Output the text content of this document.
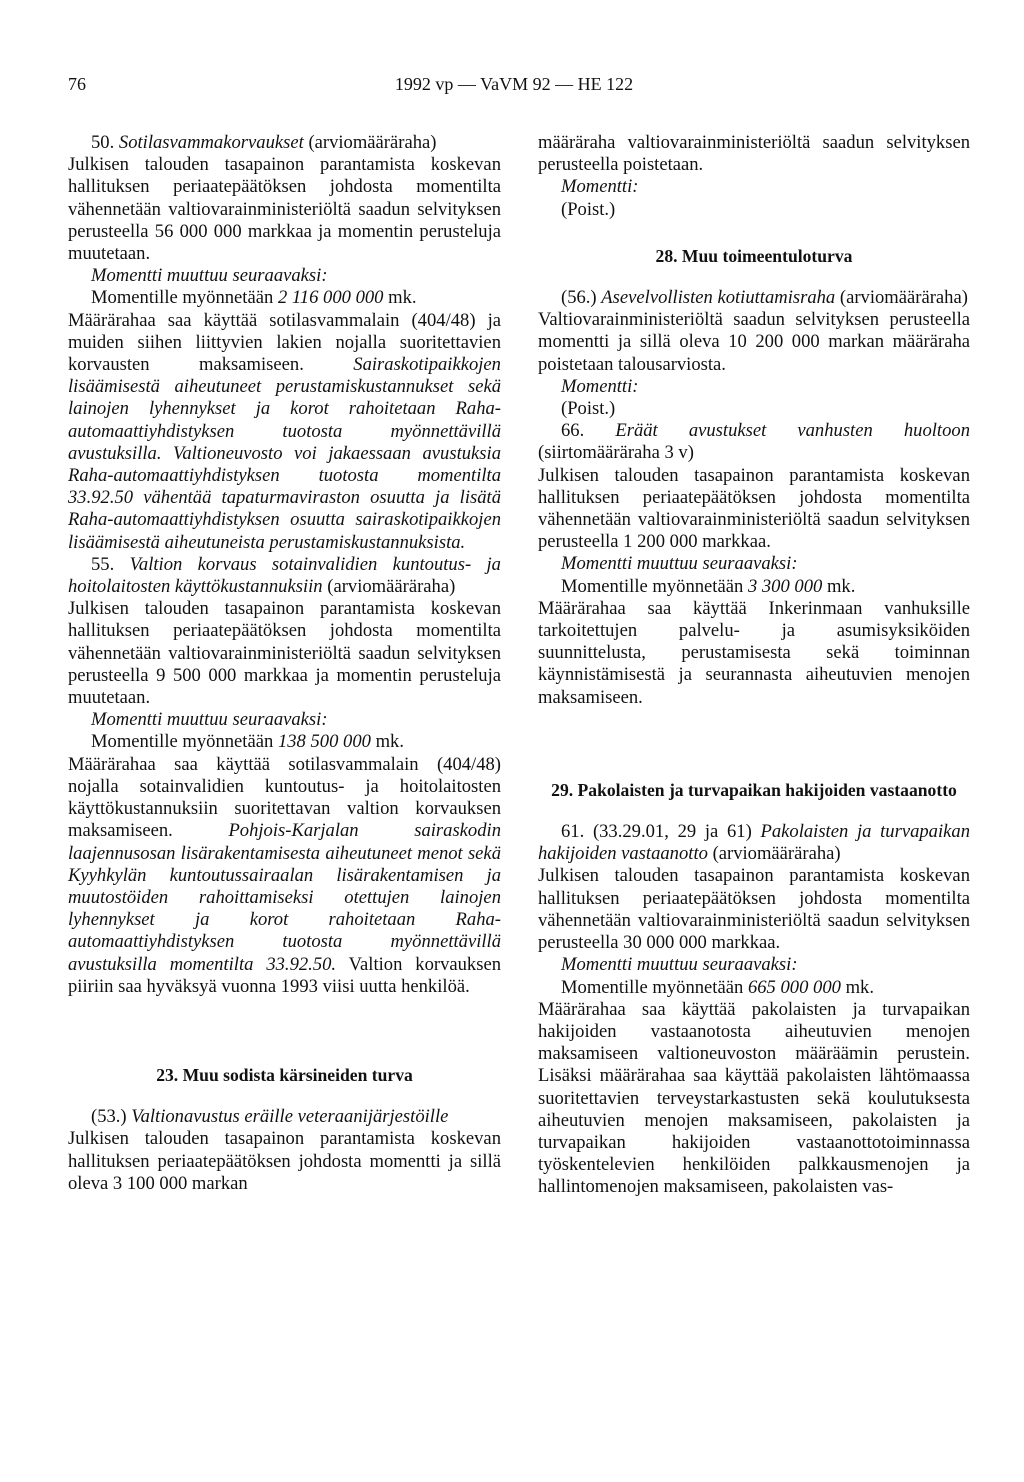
76	1992 vp — VaVM 92 — HE 122

50. Sotilasvammakorvaukset (arviomääräraha)

Julkisen talouden tasapainon parantamista koskevan hallituksen periaatepäätöksen johdosta momentilta vähennetään valtiovarainministeriöltä saadun selvityksen perusteella 56 000 000 markkaa ja momentin perusteluja muutetaan.

Momentti muuttuu seuraavaksi:

Momentille myönnetään 2 116 000 000 mk.

Määrärahaa saa käyttää sotilasvammalain (404/48) ja muiden siihen liittyvien lakien nojalla suoritettavien korvausten maksamiseen.	Sairaskotipaikkojen lisäämisestä aiheutuneet perustamiskustannukset sekä lainojen lyhennykset ja korot rahoitetaan Raha-automaattiyhdistyksen tuotosta myönnettävillä avustuksilla. Valtioneuvosto voi jakaessaan avustuksia Raha-automaattiyhdistyksen tuotosta momentilta 33.92.50 vähentää tapaturmaviraston osuutta ja lisätä Raha-automaattiyhdistyksen osuutta sairaskotipaikkojen lisäämisestä aiheutuneista perustamiskustannuksista.

55. Valtion korvaus sotainvalidien kuntoutus- ja hoitolaitosten käyttökustannuksiin (arviomääräraha)

Julkisen talouden tasapainon parantamista koskevan hallituksen periaatepäätöksen johdosta momentilta vähennetään valtiovarainministeriöltä saadun selvityksen perusteella 9 500 000 markkaa ja momentin perusteluja muutetaan.

Momentti muuttuu seuraavaksi:

Momentille myönnetään 138 500 000 mk.

Määrärahaa saa käyttää sotilasvammalain (404/48) nojalla sotainvalidien kuntoutus- ja hoitolaitosten käyttökustannuksiin suoritettavan valtion korvauksen maksamiseen.	Pohjois-Karjalan sairaskodin laajennusosan lisärakentamisesta aiheutuneet menot sekä Kyyhkylän kuntoutussairaalan lisärakentamisen ja muutostöiden rahoittamiseksi otettujen lainojen lyhennykset ja korot rahoitetaan Raha-automaattiyhdistyksen tuotosta myönnettävillä avustuksilla momentilta 33.92.50. Valtion korvauksen piiriin saa hyväksyä vuonna 1993 viisi uutta henkilöä.

23. Muu sodista kärsineiden turva

(53.) Valtionavustus eräille veteraanijärjestöille

Julkisen talouden tasapainon parantamista koskevan hallituksen periaatepäätöksen johdosta momentti ja sillä oleva 3 100 000 markan

määräraha valtiovarainministeriöltä saadun selvityksen perusteella poistetaan.

Momentti:

(Poist.)

28. Muu toimeentuloturva

(56.) Asevelvollisten kotiuttamisraha (arviomääräraha)

Valtiovarainministeriöltä saadun selvityksen perusteella momentti ja sillä oleva 10 200 000 markan määräraha poistetaan talousarviosta.

Momentti:

(Poist.)

66. Eräät avustukset vanhusten huoltoon (siirtomääräraha 3 v)

Julkisen talouden tasapainon parantamista koskevan hallituksen periaatepäätöksen johdosta momentilta vähennetään valtiovarainministeriöltä saadun selvityksen perusteella 1 200 000 markkaa.

Momentti muuttuu seuraavaksi:

Momentille myönnetään 3 300 000 mk.

Määrärahaa saa käyttää Inkerinmaan vanhuksille tarkoitettujen palvelu- ja asumisyksiköiden suunnittelusta, perustamisesta sekä toiminnan käynnistämisestä ja seurannasta aiheutuvien menojen maksamiseen.

29. Pakolaisten ja turvapaikan hakijoiden vastaanotto

61. (33.29.01, 29 ja 61) Pakolaisten ja turvapaikan hakijoiden vastaanotto (arviomääräraha)

Julkisen talouden tasapainon parantamista koskevan hallituksen periaatepäätöksen johdosta momentilta vähennetään valtiovarainministeriöltä saadun selvityksen perusteella 30 000 000 markkaa.

Momentti muuttuu seuraavaksi:

Momentille myönnetään 665 000 000 mk.

Määrärahaa saa käyttää pakolaisten ja turvapaikan hakijoiden vastaanotosta aiheutuvien menojen maksamiseen valtioneuvoston määräämin perustein. Lisäksi määrärahaa saa käyttää pakolaisten lähtömaassa suoritettavien terveystarkastusten sekä koulutuksesta aiheutuvien menojen maksamiseen, pakolaisten ja turvapaikan hakijoiden vastaanottotoiminnassa työskentelevien henkilöiden palkkausmenojen ja hallintomenojen maksamiseen, pakolaisten vas-
